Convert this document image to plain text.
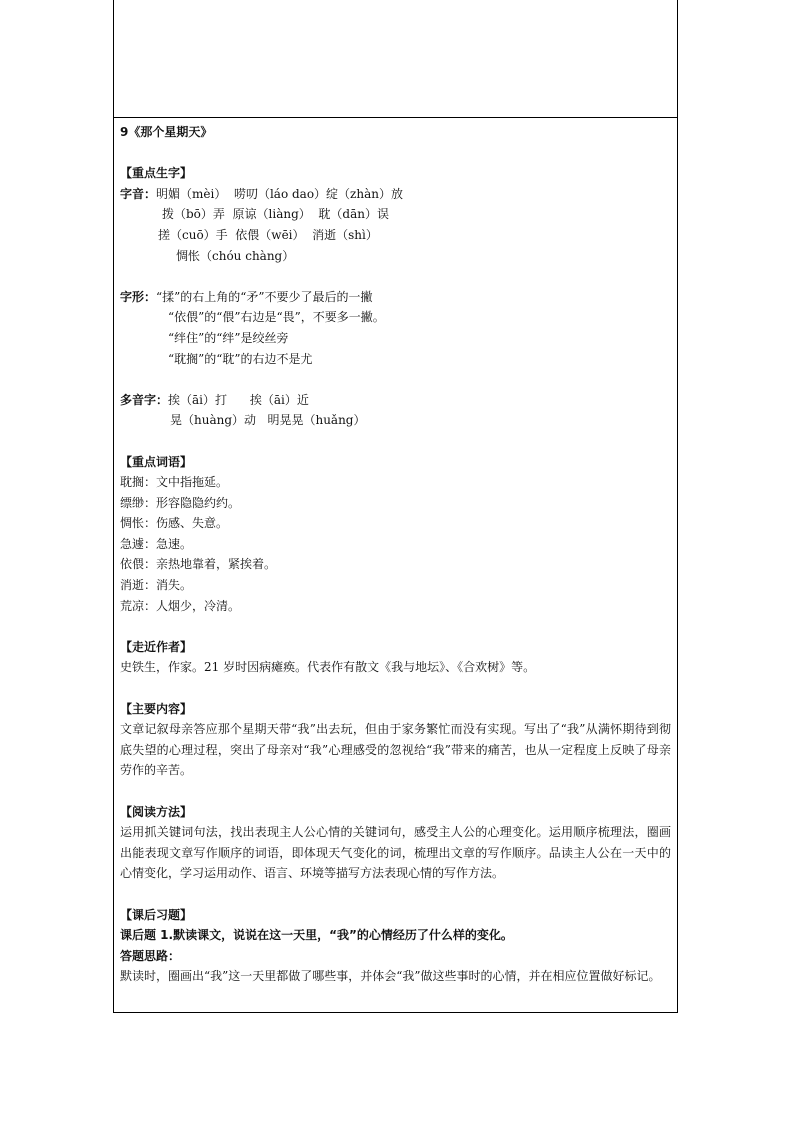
9《那个星期天》
【重点生字】
字音：明媚（mèi）  唠叨（láo dao）绽（zhàn）放
拨（bō）弄  原谅（liàng）  耽（dān）误
搓（cuō）手  依偎（wēi）  消逝（shì）
惆怅（chóu chàng）
字形：“揉”的右上角的“矛”不要少了最后的一撇
“依偎”的“偎”右边是“畏”，不要多一撇。
“绊住”的“绊”是绞丝旁
“耽搁”的“耽”的右边不是尤
多音字：挨（āi）打      挨（āi）近
晃（huàng）动   明晃晃（huǎng）
【重点词语】
耽搁：文中指拖延。
缥缈：形容隐隐约约。
惆怅：伤感、失意。
急遽：急速。
依偎：亲热地靠着，紧挨着。
消逝：消失。
荒凉：人烟少，冷清。
【走近作者】
史铁生，作家。21 岁时因病瘫痪。代表作有散文《我与地坛》、《合欢树》等。
【主要内容】
文章记叙母亲答应那个星期天带“我”出去玩，但由于家务繁忙而没有实现。写出了“我”从满怀期待到彻底失望的心理过程，突出了母亲对“我”心理感受的忽视给“我”带来的痛苦，也从一定程度上反映了母亲劳作的辛苦。
【阅读方法】
运用抓关键词句法，找出表现主人公心情的关键词句，感受主人公的心理变化。运用顺序梳理法，圈画出能表现文章写作顺序的词语，即体现天气变化的词，梳理出文章的写作顺序。品读主人公在一天中的心情变化，学习运用动作、语言、环境等描写方法表现心情的写作方法。
【课后习题】
课后题 1.默读课文，说说在这一天里，“我”的心情经历了什么样的变化。
答题思路：
默读时，圈画出“我”这一天里都做了哪些事，并体会“我”做这些事时的心情，并在相应位置做好标记。
